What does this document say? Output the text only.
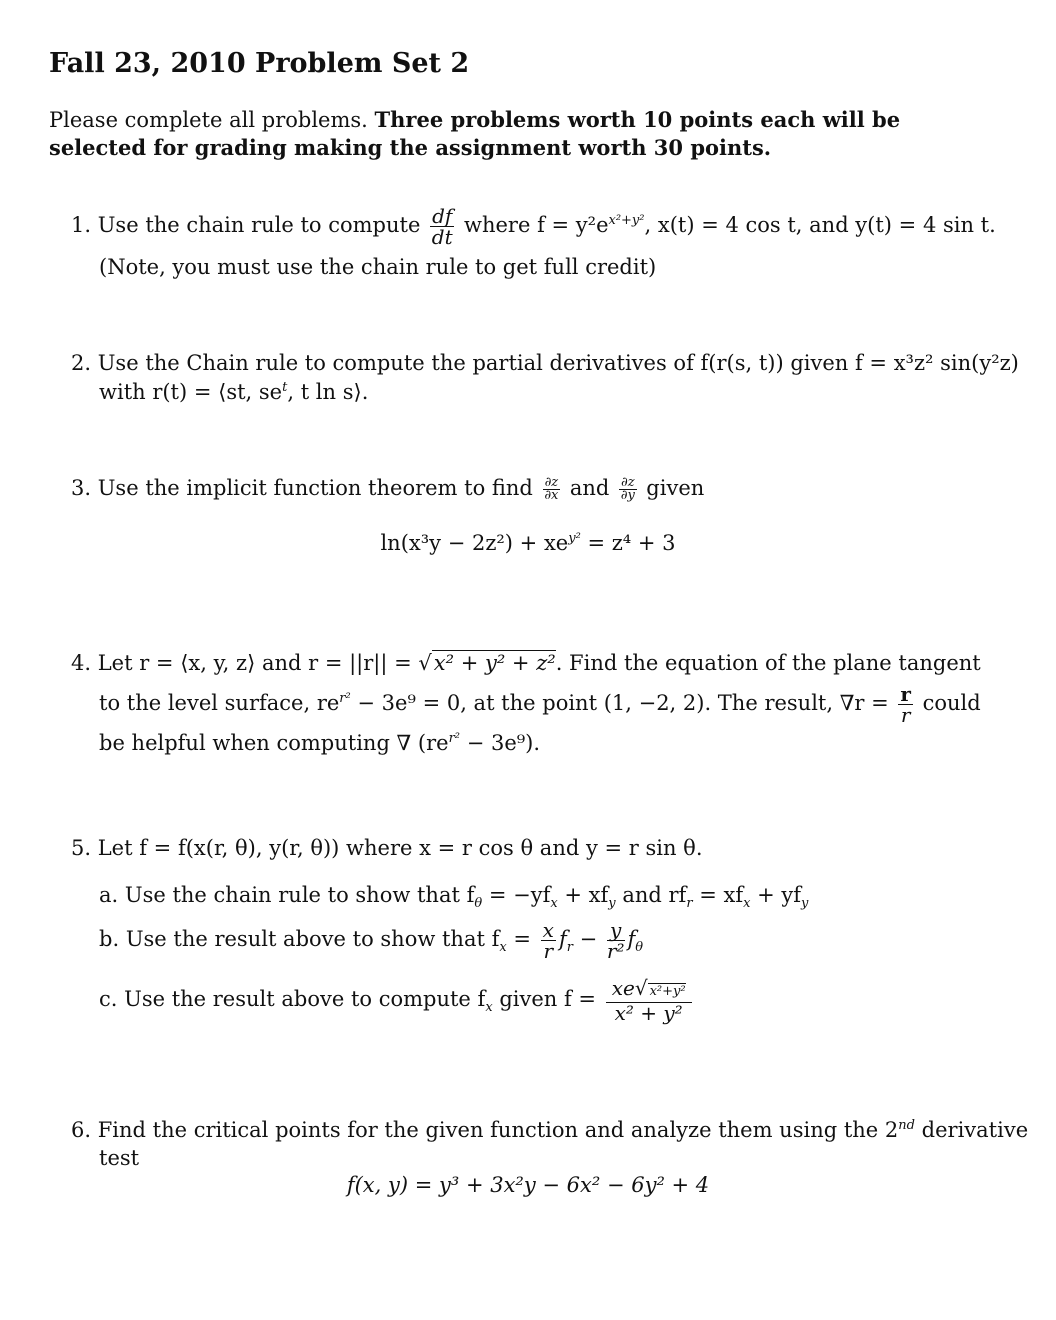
Fall 23, 2010 Problem Set 2
Please complete all problems. Three problems worth 10 points each will be selected for grading making the assignment worth 30 points.
1. Use the chain rule to compute $\frac{df}{dt}$ where $f = y^2e^{x^2+y^2}$, x(t) = 4 cos t, and y(t) = 4 sin t.
(Note, you must use the chain rule to get full credit)
2. Use the Chain rule to compute the partial derivatives of f(r(s, t)) given f = x³z² sin(y²z)
with r(t) = ⟨st, $se^t$, t ln s⟩.
3. Use the implicit function theorem to find $\frac{\partial z}{\partial x}$ and $\frac{\partial z}{\partial y}$ given
$\ln(x^3y - 2z^2) + xe^{y^2} = z^4 + 3$
4. Let r = ⟨x, y, z⟩ and r = ||r|| = √x² + y² + z². Find the equation of the plane tangent
to the level surface, $re^{r^2} - 3e^9 = 0$, at the point (1, −2, 2). The result, $\nabla r = \frac{r}{r}$ could
be helpful when computing ∇ $(re^{r^2} - 3e^9)$.
5. Let f = f(x(r, θ), y(r, θ)) where x = r cos θ and y = r sin θ.
a. Use the chain rule to show that $f_\theta = -yf_x + xf_y$ and $rf_r = xf_x + yf_y$
b. Use the result above to show that $f_x = \frac{x}{r} f_r - \frac{y}{\text{r²}} f_\theta$
c. Use the result above to compute $f_x$ given $f = \frac{\text{xe√ x²+y²}}{\text{x² + y²}}$
6. Find the critical points for the given function and analyze them using the 2nd derivative
test
f(x, y) = y³ + 3x²y − 6x² − 6y² + 4
